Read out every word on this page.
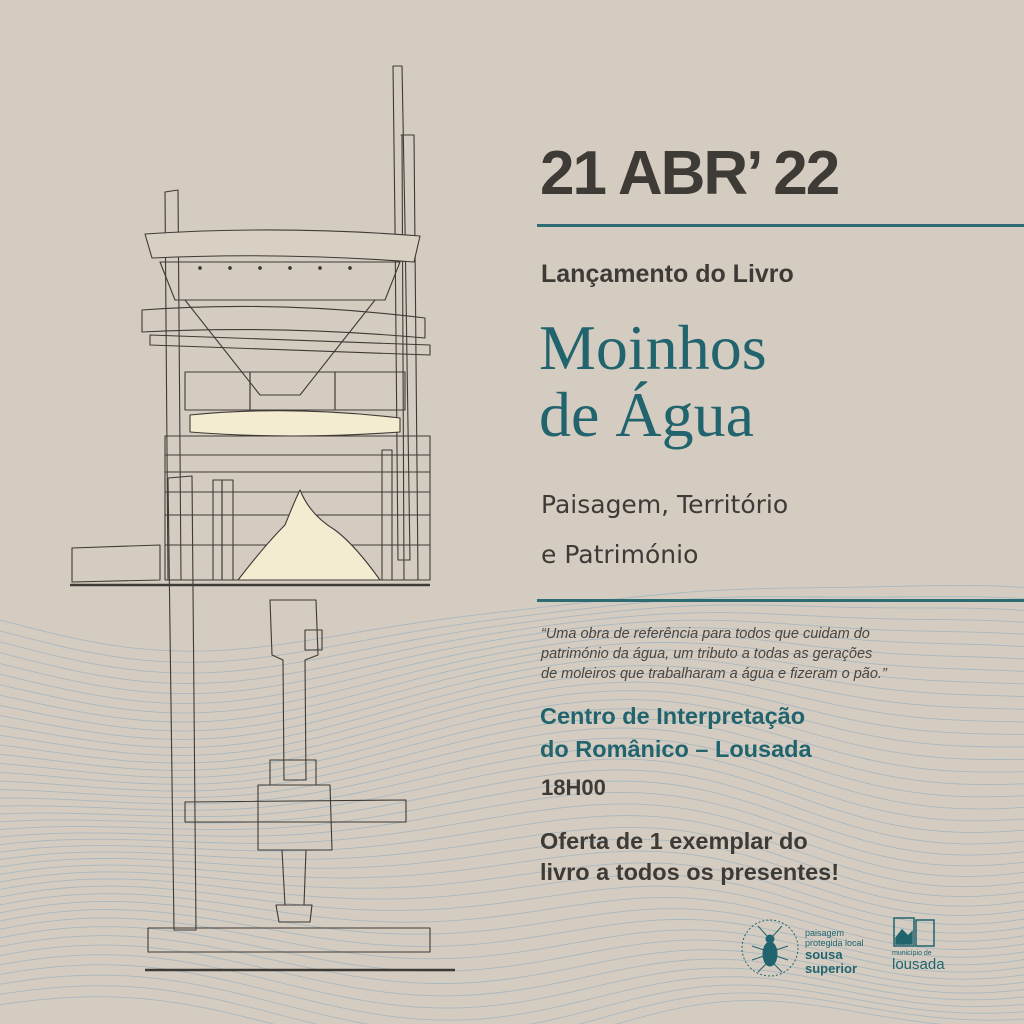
21 ABR’ 22

Lançamento do Livro

Moinhos
de Água

Paisagem, Território
e Património

“Uma obra de referência para todos que cuidam do
património da água, um tributo a todas as gerações
de moleiros que trabalharam a água e fizeram o pão.”

Centro de Interpretação
do Românico – Lousada

18H00

Oferta de 1 exemplar do
livro a todos os presentes!

paisagem
protegida local
sousa
superior
município de
lousada
